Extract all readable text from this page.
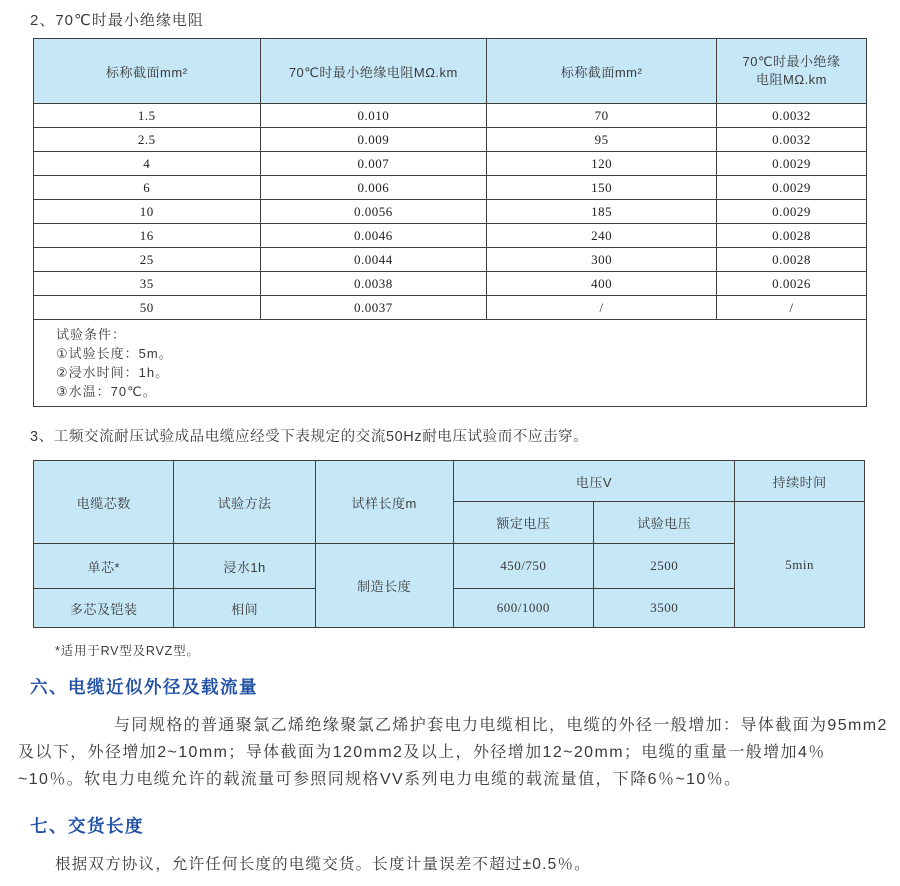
2、70℃时最小绝缘电阻
标称截面mm²	70℃时最小绝缘电阻MΩ.km	标称截面mm²	70℃时最小绝缘
电阻MΩ.km

1.5	0.010	70	0.0032
2.5	0.009	95	0.0032
4	0.007	120	0.0029
6	0.006	150	0.0029
10	0.0056	185	0.0029
16	0.0046	240	0.0028
25	0.0044	300	0.0028
35	0.0038	400	0.0026
50	0.0037	/	/

试验条件：
①试验长度：5m。
②浸水时间：1h。
③水温：70℃。			
3、工频交流耐压试验成品电缆应经受下表规定的交流50Hz耐电压试验而不应击穿。
电缆芯数	试验方法	试样长度m	电压V		持续时间
			额定电压	试验电压	5min
单芯*	浸水1h	制造长度	450/750	2500	
多芯及铠装	相间		600/1000	3500	
*适用于RV型及RVZ型。
六、电缆近似外径及载流量
与同规格的普通聚氯乙烯绝缘聚氯乙烯护套电力电缆相比，电缆的外径一般增加：导体截面为95mm2
及以下，外径增加2~10mm；导体截面为120mm2及以上，外径增加12~20mm；电缆的重量一般增加4％
~10％。软电力电缆允许的载流量可参照同规格VV系列电力电缆的载流量值，下降6％~10％。
七、交货长度
根据双方协议，允许任何长度的电缆交货。长度计量误差不超过±0.5％。
